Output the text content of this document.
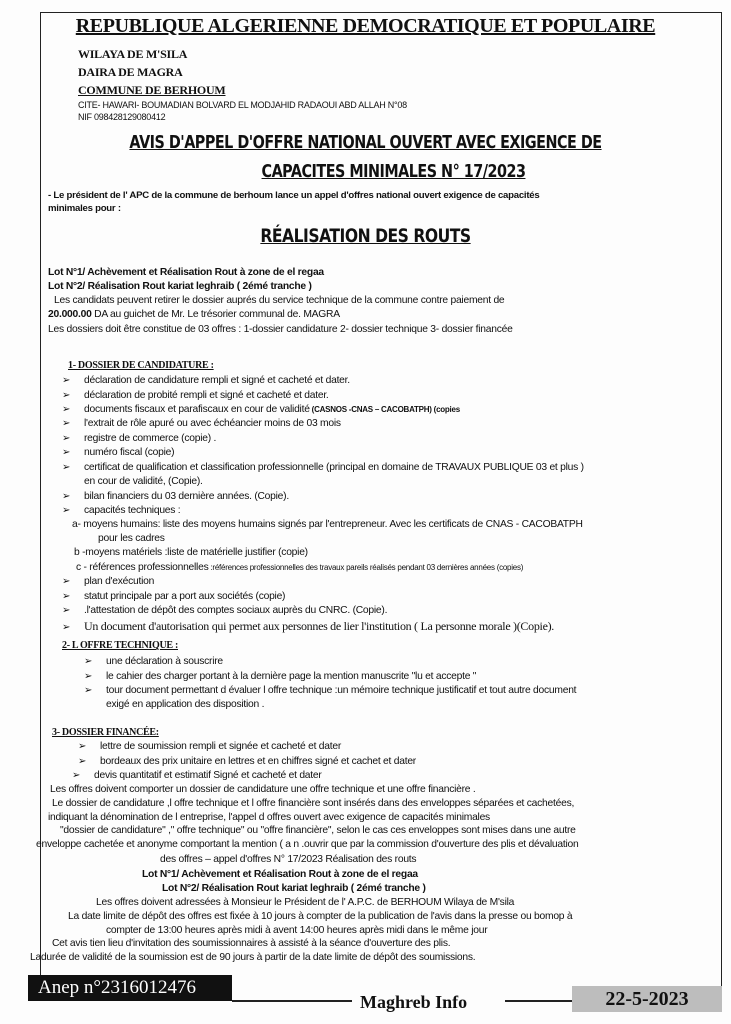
REPUBLIQUE ALGERIENNE DEMOCRATIQUE ET POPULAIRE
WILAYA DE M'SILA
DAIRA DE MAGRA
COMMUNE DE BERHOUM
CITE- HAWARI- BOUMADIAN BOLVARD EL MODJAHID RADAOUI ABD ALLAH N°08
NIF 098428129080412
AVIS D'APPEL D'OFFRE NATIONAL OUVERT AVEC EXIGENCE DE
CAPACITES MINIMALES N° 17/2023
- Le président de l' APC de la commune de berhoum lance un appel d'offres national ouvert exigence de capacités
minimales pour :
RÉALISATION DES ROUTS
Lot N°1/ Achèvement et Réalisation Rout à zone de el regaa
Lot N°2/ Réalisation Rout kariat leghraib ( 2émé tranche )
Les candidats peuvent retirer le dossier auprés du service technique de la commune contre paiement de
20.000.00 DA au guichet de Mr. Le trésorier communal de. MAGRA
Les dossiers doit être constitue de 03 offres : 1-dossier candidature 2- dossier technique 3- dossier financée
1- DOSSIER DE CANDIDATURE :
➢ déclaration de candidature rempli et signé et cacheté et dater.
➢ déclaration de probité rempli et signé et cacheté et dater.
➢ documents fiscaux et parafiscaux en cour de validité (CASNOS -CNAS – CACOBATPH) (copies
➢ l'extrait de rôle apuré ou avec échéancier moins de 03 mois
➢ registre de commerce (copie) .
➢ numéro fiscal (copie)
➢ certificat de qualification et classification professionnelle (principal en domaine de TRAVAUX PUBLIQUE 03 et plus )
en cour de validité, (Copie).
➢ bilan financiers du 03 dernière années. (Copie).
➢ capacités techniques :
a- moyens humains: liste des moyens humains signés par l'entrepreneur. Avec les certificats de CNAS - CACOBATPH
pour les cadres
b -moyens matériels :liste de matérielle justifier (copie)
c - références professionnelles :références professionnelles des travaux pareils réalisés pendant 03 dernières années (copies)
➢ plan d'exécution
➢ statut principale par a port aux sociétés (copie)
➢ .l'attestation de dépôt des comptes sociaux auprès du CNRC. (Copie).
➢ Un document d'autorisation qui permet aux personnes de lier l'institution ( La personne morale )(Copie).
2- L OFFRE TECHNIQUE :
➢ une déclaration à souscrire
➢ le cahier des charger portant à la dernière page la mention manuscrite "lu et accepte "
➢ tour document permettant d évaluer l offre technique :un mémoire technique justificatif et tout autre document
exigé en application des disposition .
3- DOSSIER FINANCÉE:
➢ lettre de soumission rempli et signée et cacheté et dater
➢ bordeaux des prix unitaire en lettres et en chiffres signé et cachet et dater
➢ devis quantitatif et estimatif Signé et cacheté et dater
Les offres doivent comporter un dossier de candidature une offre technique et une offre financière .
Le dossier de candidature ,l offre technique et l offre financière sont insérés dans des enveloppes séparées et cachetées,
indiquant la dénomination de l entreprise, l'appel d offres ouvert avec exigence de capacités minimales
"dossier de candidature" ," offre technique" ou "offre financière", selon le cas ces enveloppes sont mises dans une autre
enveloppe cachetée et anonyme comportant la mention ( a n .ouvrir que par la commission d'ouverture des plis et dévaluation
des offres – appel d'offres N° 17/2023 Réalisation des routs
Lot N°1/ Achèvement et Réalisation Rout à zone de el regaa
Lot N°2/ Réalisation Rout kariat leghraib ( 2émé tranche )
Les offres doivent adressées à Monsieur le Président de l' A.P.C. de BERHOUM Wilaya de M'sila
La date limite de dépôt des offres est fixée à 10 jours à compter de la publication de l'avis dans la presse ou bomop à
compter de 13:00 heures après midi à avent 14:00 heures après midi dans le même jour
Cet avis tien lieu d'invitation des soumissionnaires à assisté à la séance d'ouverture des plis.
Ladurée de validité de la soumission est de 90 jours à partir de la date limite de dépôt des soumissions.
Anep n°2316012476
Maghreb Info	22-5-2023
